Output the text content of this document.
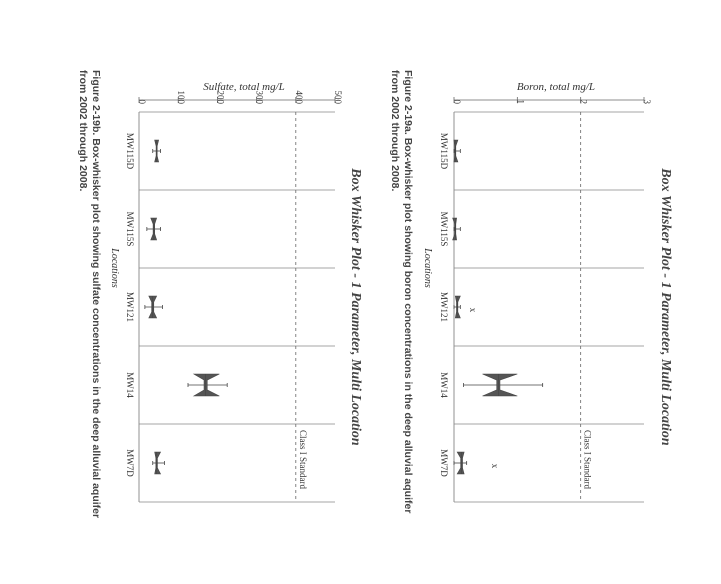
Box Whisker Plot - 1 Parameter, Multi Location
Boron, total mg/L
0	1	2	3
Class I Standard
MW115D
MW115S
MW121 x
MW14
MW7D	x
Locations
Figure 2-19a. Box-whisker plot showing boron concentrations in the deep alluvial aquifer
from 2002 through 2008.
Box Whisker Plot - 1 Parameter, Multi Location
Sulfate, total mg/L
0	100	200	300	400	500
Class I Standard
MW115D
MW115S
MW121
MW14
MW7D
Locations
Figure 2-19b. Box-whisker plot showing sulfate concentrations in the deep alluvial aquifer
from 2002 through 2008.
